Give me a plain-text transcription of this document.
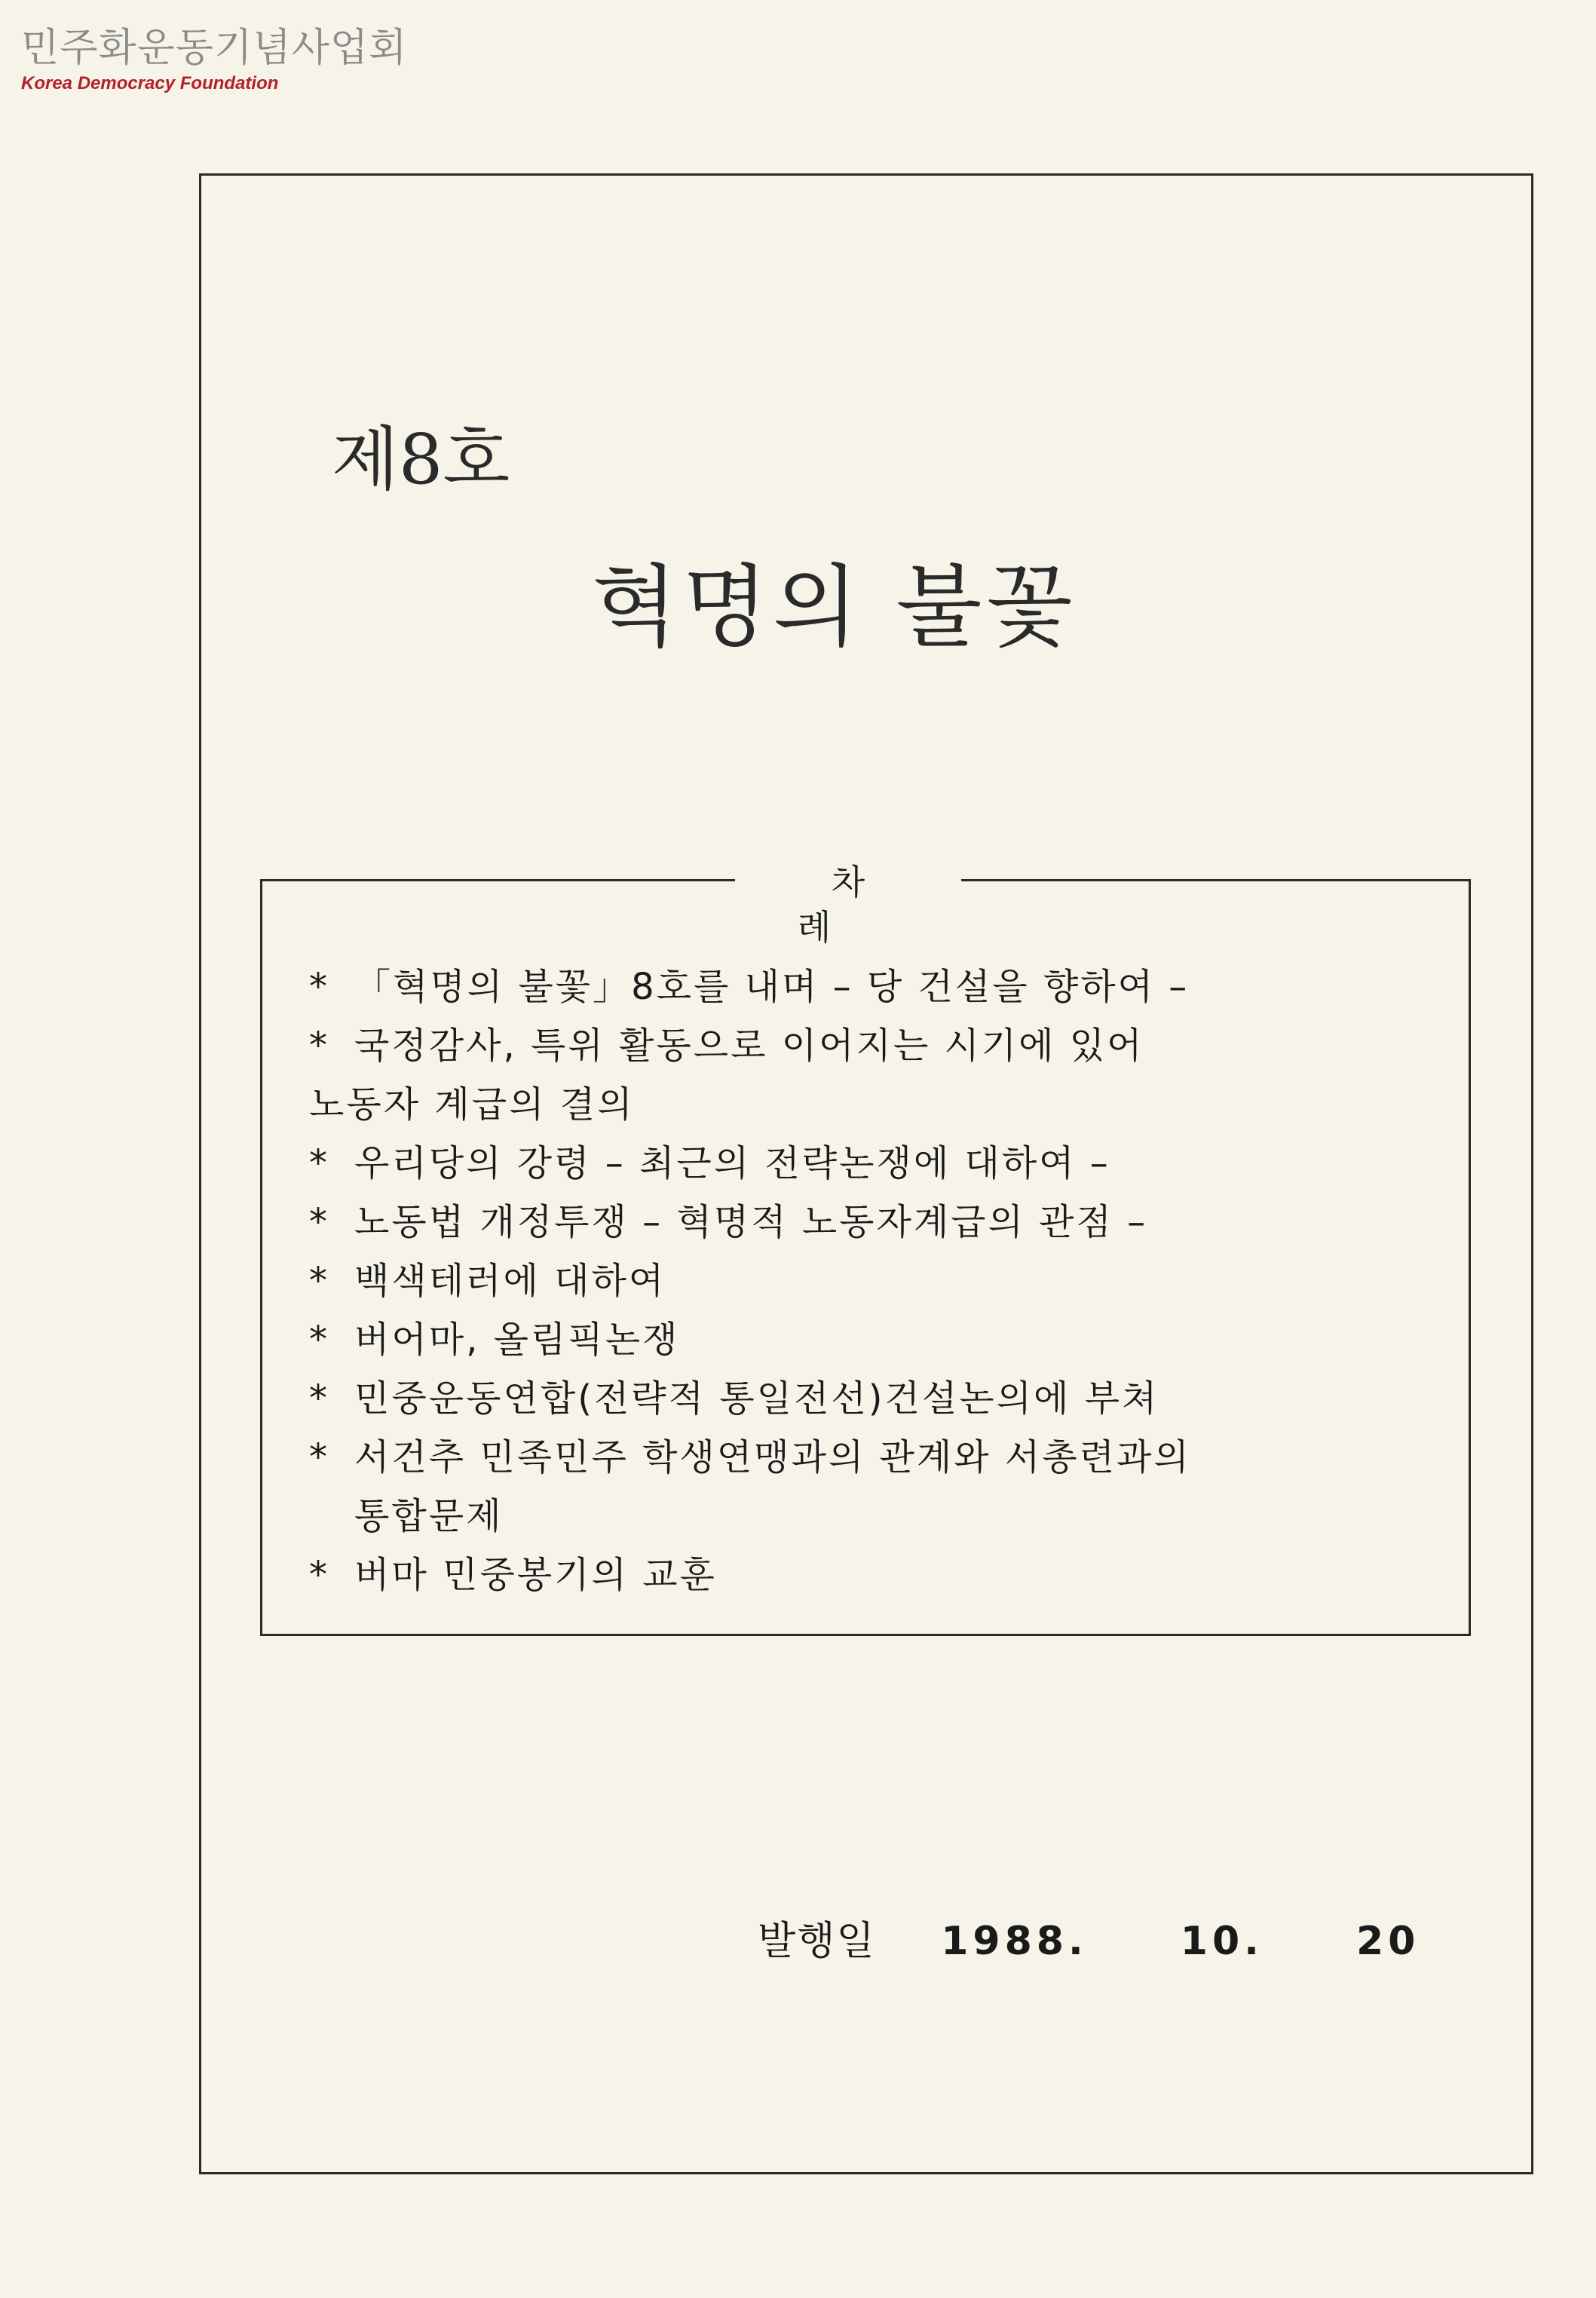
민주화운동기념사업회
Korea Democracy Foundation
제8호
혁명의 불꽃
차 례
* 「혁명의 불꽃」8호를 내며 – 당 건설을 향하여 –
* 국정감사, 특위 활동으로 이어지는 시기에 있어
노동자 계급의 결의
* 우리당의 강령 – 최근의 전략논쟁에 대하여 –
* 노동법 개정투쟁 – 혁명적 노동자계급의 관점 –
* 백색테러에 대하여
* 버어마, 올림픽논쟁
* 민중운동연합(전략적 통일전선)건설논의에 부쳐
* 서건추 민족민주 학생연맹과의 관계와 서총련과의
통합문제
* 버마 민중봉기의 교훈
발행일 1988. 10. 20
